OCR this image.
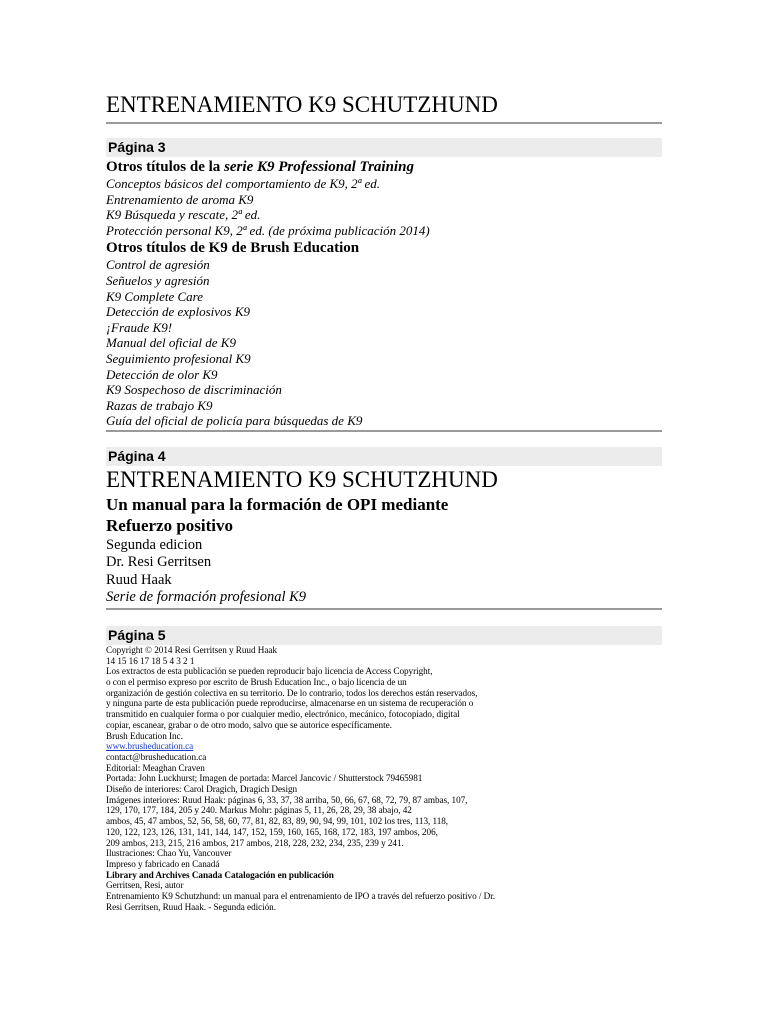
ENTRENAMIENTO K9 SCHUTZHUND
Página 3
Otros títulos de la serie K9 Professional Training
Conceptos básicos del comportamiento de K9, 2ª ed.
Entrenamiento de aroma K9
K9 Búsqueda y rescate, 2ª ed.
Protección personal K9, 2ª ed. (de próxima publicación 2014)
Otros títulos de K9 de Brush Education
Control de agresión
Señuelos y agresión
K9 Complete Care
Detección de explosivos K9
¡Fraude K9!
Manual del oficial de K9
Seguimiento profesional K9
Detección de olor K9
K9 Sospechoso de discriminación
Razas de trabajo K9
Guía del oficial de policía para búsquedas de K9
Página 4
ENTRENAMIENTO K9 SCHUTZHUND
Un manual para la formación de OPI mediante
Refuerzo positivo
Segunda edicion
Dr. Resi Gerritsen
Ruud Haak
Serie de formación profesional K9
Página 5
Copyright © 2014 Resi Gerritsen y Ruud Haak
14 15 16 17 18 5 4 3 2 1
Los extractos de esta publicación se pueden reproducir bajo licencia de Access Copyright,
o con el permiso expreso por escrito de Brush Education Inc., o bajo licencia de un
organización de gestión colectiva en su territorio. De lo contrario, todos los derechos están reservados,
y ninguna parte de esta publicación puede reproducirse, almacenarse en un sistema de recuperación o
transmitido en cualquier forma o por cualquier medio, electrónico, mecánico, fotocopiado, digital
copiar, escanear, grabar o de otro modo, salvo que se autorice específicamente.
Brush Education Inc.
www.brusheducation.ca
contact@brusheducation.ca
Editorial: Meaghan Craven
Portada: John Luckhurst; Imagen de portada: Marcel Jancovic / Shutterstock 79465981
Diseño de interiores: Carol Dragich, Dragich Design
Imágenes interiores: Ruud Haak: páginas 6, 33, 37, 38 arriba, 50, 66, 67, 68, 72, 79, 87 ambas, 107,
129, 170, 177, 184, 205 y 240. Markus Mohr: páginas 5, 11, 26, 28, 29, 38 abajo, 42
ambos, 45, 47 ambos, 52, 56, 58, 60, 77, 81, 82, 83, 89, 90, 94, 99, 101, 102 los tres, 113, 118,
120, 122, 123, 126, 131, 141, 144, 147, 152, 159, 160, 165, 168, 172, 183, 197 ambos, 206,
209 ambos, 213, 215, 216 ambos, 217 ambos, 218, 228, 232, 234, 235, 239 y 241.
Ilustraciones: Chao Yu, Vancouver
Impreso y fabricado en Canadá
Library and Archives Canada Catalogación en publicación
Gerritsen, Resi, autor
Entrenamiento K9 Schutzhund: un manual para el entrenamiento de IPO a través del refuerzo positivo / Dr.
Resi Gerritsen, Ruud Haak. - Segunda edición.
